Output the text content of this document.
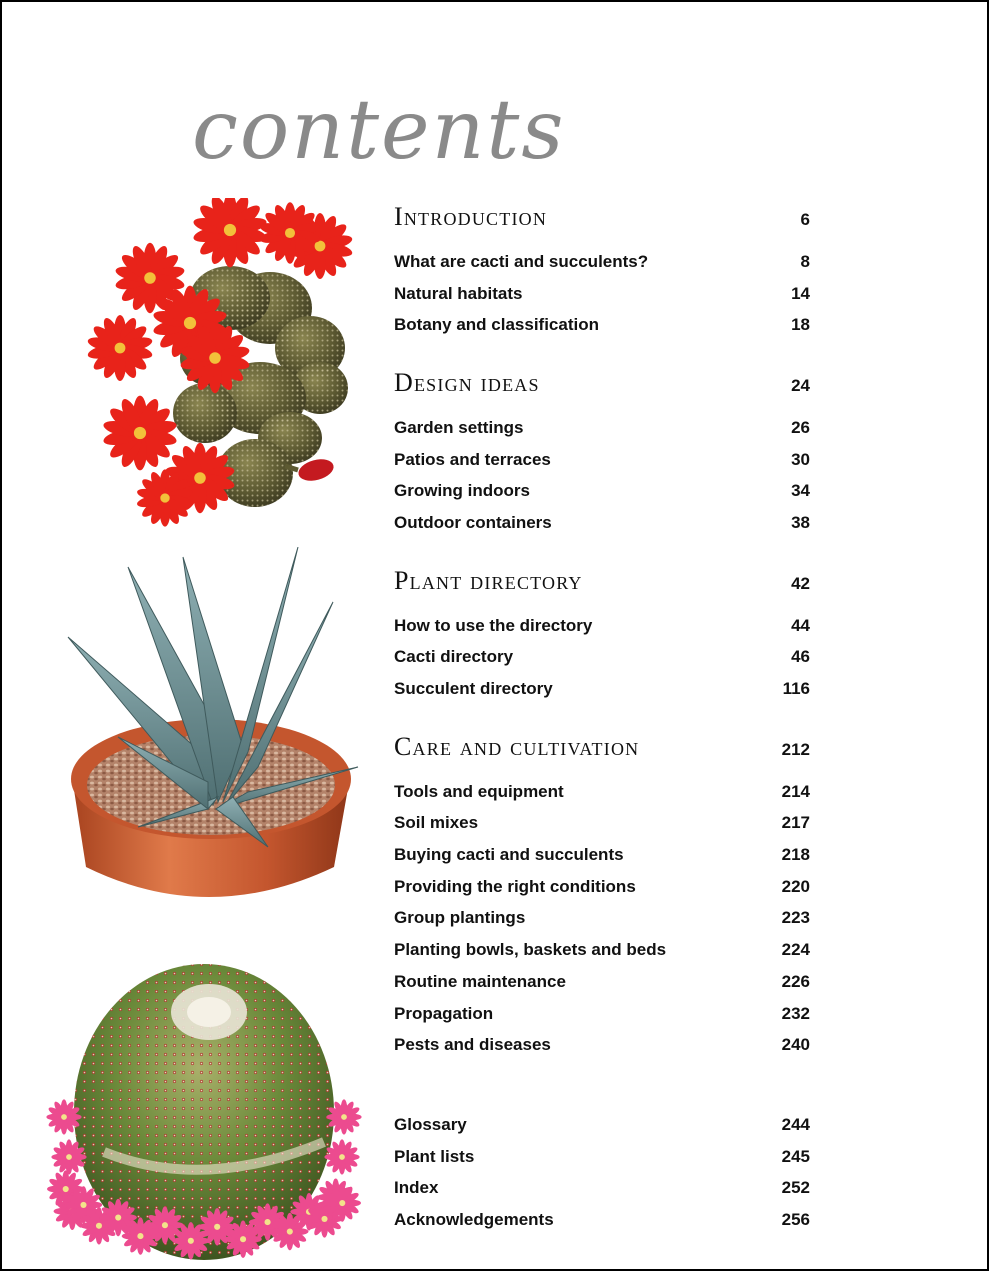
contents
Introduction	6
What are cacti and succulents?	8
Natural habitats	14
Botany and classification	18
Design ideas	24
Garden settings	26
Patios and terraces	30
Growing indoors	34
Outdoor containers	38
Plant directory	42
How to use the directory	44
Cacti directory	46
Succulent directory	116
Care and cultivation	212
Tools and equipment	214
Soil mixes	217
Buying cacti and succulents	218
Providing the right conditions	220
Group plantings	223
Planting bowls, baskets and beds	224
Routine maintenance	226
Propagation	232
Pests and diseases	240
Glossary	244
Plant lists	245
Index	252
Acknowledgements	256
